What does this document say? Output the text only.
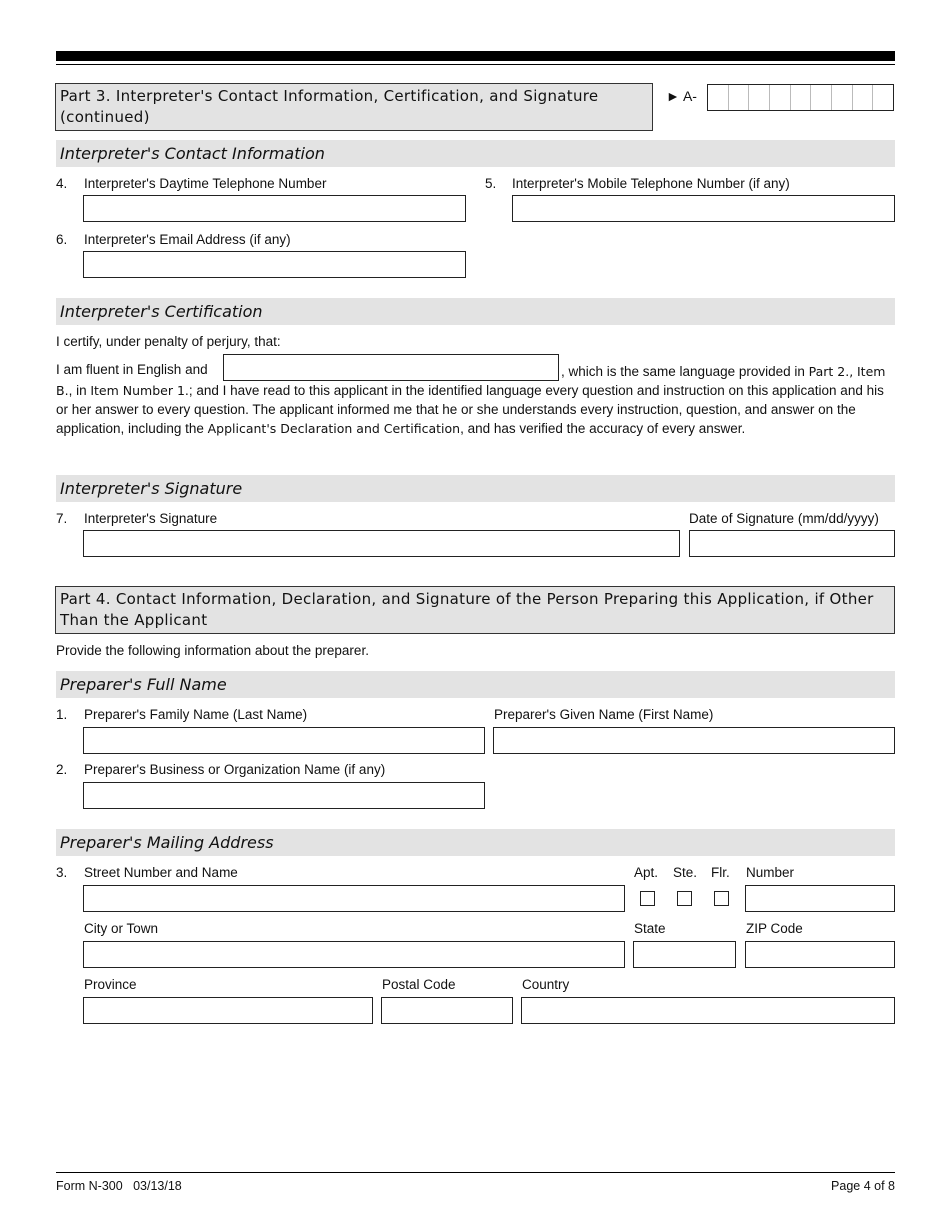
Part 3. Interpreter's Contact Information, Certification, and Signature (continued)
► A-
Interpreter's Contact Information
4. Interpreter's Daytime Telephone Number	5. Interpreter's Mobile Telephone Number (if any)
6. Interpreter's Email Address (if any)
Interpreter's Certification
I certify, under penalty of perjury, that:
I am fluent in English and	, which is the same language provided in Part 2., Item B., in Item Number 1.; and I have read to this applicant in the identified language every question and instruction on this application and his or her answer to every question. The applicant informed me that he or she understands every instruction, question, and answer on the application, including the Applicant's Declaration and Certification, and has verified the accuracy of every answer.
Interpreter's Signature
7. Interpreter's Signature	Date of Signature (mm/dd/yyyy)
Part 4. Contact Information, Declaration, and Signature of the Person Preparing this Application, if Other Than the Applicant
Provide the following information about the preparer.
Preparer's Full Name
1. Preparer's Family Name (Last Name)	Preparer's Given Name (First Name)
2. Preparer's Business or Organization Name (if any)
Preparer's Mailing Address
3. Street Number and Name	Apt. Ste. Flr. Number
City or Town	State	ZIP Code
Province	Postal Code	Country
Form N-300   03/13/18	Page 4 of 8
